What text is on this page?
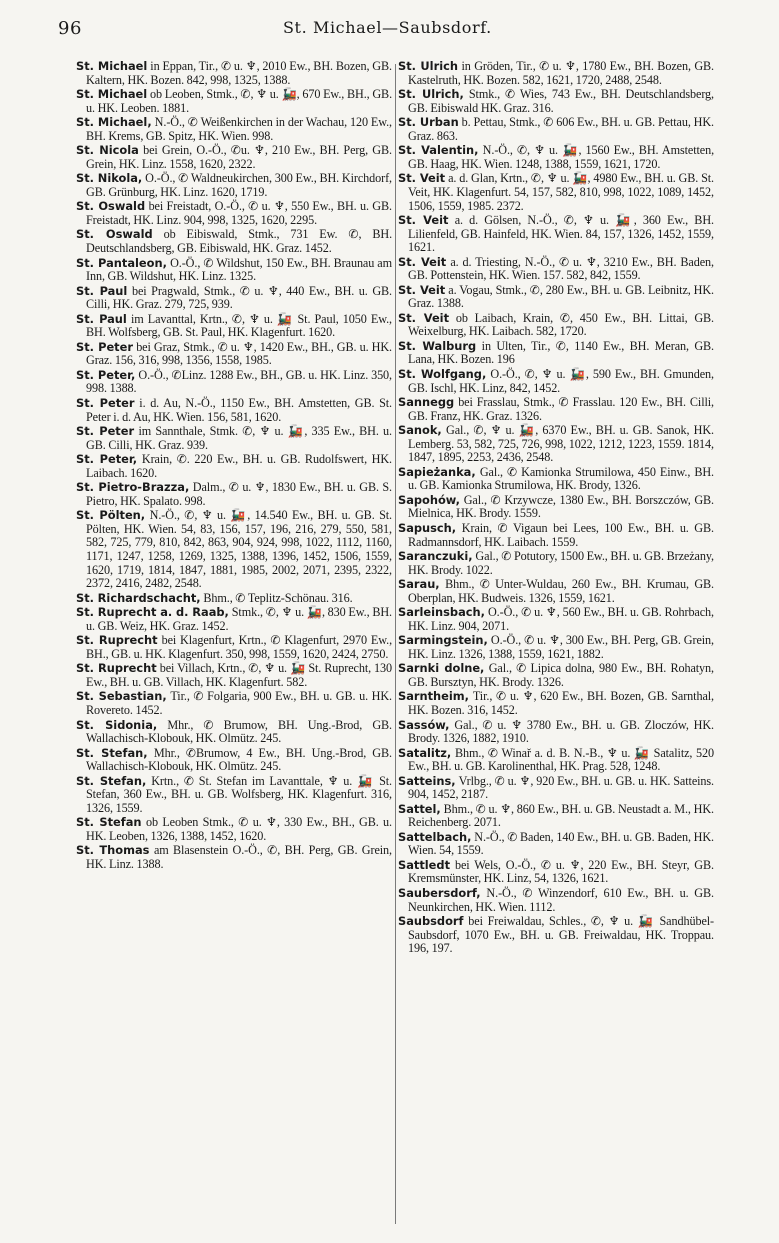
96	St. Michael—Saubsdorf.

St. Michael in Eppan, Tir., ✆ u. ♆, 2010 Ew., BH. Bozen, GB. Kaltern, HK. Bozen. 842, 998, 1325, 1388.

St. Michael ob Leoben, Stmk., ✆, ♆ u. 🚂, 670 Ew., BH., GB. u. HK. Leoben. 1881.

St. Michael, N.-Ö., ✆ Weißenkirchen in der Wachau, 120 Ew., BH. Krems, GB. Spitz, HK. Wien. 998.

St. Nicola bei Grein, O.-Ö., ✆u. ♆, 210 Ew., BH. Perg, GB. Grein, HK. Linz. 1558, 1620, 2322.

St. Nikola, O.-Ö., ✆ Waldneukirchen, 300 Ew., BH. Kirchdorf, GB. Grünburg, HK. Linz. 1620, 1719.

St. Oswald bei Freistadt, O.-Ö., ✆ u. ♆, 550 Ew., BH. u. GB. Freistadt, HK. Linz. 904, 998, 1325, 1620, 2295.

St. Oswald ob Eibiswald, Stmk., 731 Ew. ✆, BH. Deutschlandsberg, GB. Eibiswald, HK. Graz. 1452.

St. Pantaleon, O.-Ö., ✆ Wildshut, 150 Ew., BH. Braunau am Inn, GB. Wildshut, HK. Linz. 1325.

St. Paul bei Pragwald, Stmk., ✆ u. ♆, 440 Ew., BH. u. GB. Cilli, HK. Graz. 279, 725, 939.

St. Paul im Lavanttal, Krtn., ✆, ♆ u. 🚂 St. Paul, 1050 Ew., BH. Wolfsberg, GB. St. Paul, HK. Klagenfurt. 1620.

St. Peter bei Graz, Stmk., ✆ u. ♆, 1420 Ew., BH., GB. u. HK. Graz. 156, 316, 998, 1356, 1558, 1985.

St. Peter, O.-Ö., ✆Linz. 1288 Ew., BH., GB. u. HK. Linz. 350, 998. 1388.

St. Peter i. d. Au, N.-Ö., 1150 Ew., BH. Amstetten, GB. St. Peter i. d. Au, HK. Wien. 156, 581, 1620.

St. Peter im Sannthale, Stmk. ✆, ♆ u. 🚂, 335 Ew., BH. u. GB. Cilli, HK. Graz. 939.

St. Peter, Krain, ✆. 220 Ew., BH. u. GB. Rudolfswert, HK. Laibach. 1620.

St. Pietro-Brazza, Dalm., ✆ u. ♆, 1830 Ew., BH. u. GB. S. Pietro, HK. Spalato. 998.

St. Pölten, N.-Ö., ✆, ♆ u. 🚂, 14.540 Ew., BH. u. GB. St. Pölten, HK. Wien. 54, 83, 156, 157, 196, 216, 279, 550, 581, 582, 725, 779, 810, 842, 863, 904, 924, 998, 1022, 1112, 1160, 1171, 1247, 1258, 1269, 1325, 1388, 1396, 1452, 1506, 1559, 1620, 1719, 1814, 1847, 1881, 1985, 2002, 2071, 2395, 2322, 2372, 2416, 2482, 2548.

St. Richardschacht, Bhm., ✆ Teplitz-Schönau. 316.

St. Ruprecht a. d. Raab, Stmk., ✆, ♆ u. 🚂, 830 Ew., BH. u. GB. Weiz, HK. Graz. 1452.

St. Ruprecht bei Klagenfurt, Krtn., ✆ Klagenfurt, 2970 Ew., BH., GB. u. HK. Klagenfurt. 350, 998, 1559, 1620, 2424, 2750.

St. Ruprecht bei Villach, Krtn., ✆, ♆ u. 🚂 St. Ruprecht, 130 Ew., BH. u. GB. Villach, HK. Klagenfurt. 582.

St. Sebastian, Tir., ✆ Folgaria, 900 Ew., BH. u. GB. u. HK. Rovereto. 1452.

St. Sidonia, Mhr., ✆ Brumow, BH. Ung.-Brod, GB. Wallachisch-Klobouk, HK. Olmütz. 245.

St. Stefan, Mhr., ✆Brumow, 4 Ew., BH. Ung.-Brod, GB. Wallachisch-Klobouk, HK. Olmütz. 245.

St. Stefan, Krtn., ✆ St. Stefan im Lavanttale, ♆ u. 🚂 St. Stefan, 360 Ew., BH. u. GB. Wolfsberg, HK. Klagenfurt. 316, 1326, 1559.

St. Stefan ob Leoben Stmk., ✆ u. ♆, 330 Ew., BH., GB. u. HK. Leoben, 1326, 1388, 1452, 1620.

St. Thomas am Blasenstein O.-Ö., ✆, BH. Perg, GB. Grein, HK. Linz. 1388.

St. Ulrich in Gröden, Tir., ✆ u. ♆, 1780 Ew., BH. Bozen, GB. Kastelruth, HK. Bozen. 582, 1621, 1720, 2488, 2548.

St. Ulrich, Stmk., ✆ Wies, 743 Ew., BH. Deutschlandsberg, GB. Eibiswald HK. Graz. 316.

St. Urban b. Pettau, Stmk., ✆ 606 Ew., BH. u. GB. Pettau, HK. Graz. 863.

St. Valentin, N.-Ö., ✆, ♆ u. 🚂, 1560 Ew., BH. Amstetten, GB. Haag, HK. Wien. 1248, 1388, 1559, 1621, 1720.

St. Veit a. d. Glan, Krtn., ✆, ♆ u. 🚂, 4980 Ew., BH. u. GB. St. Veit, HK. Klagenfurt. 54, 157, 582, 810, 998, 1022, 1089, 1452, 1506, 1559, 1985. 2372.

St. Veit a. d. Gölsen, N.-Ö., ✆, ♆ u. 🚂, 360 Ew., BH. Lilienfeld, GB. Hainfeld, HK. Wien. 84, 157, 1326, 1452, 1559, 1621.

St. Veit a. d. Triesting, N.-Ö., ✆ u. ♆, 3210 Ew., BH. Baden, GB. Pottenstein, HK. Wien. 157. 582, 842, 1559.

St. Veit a. Vogau, Stmk., ✆, 280 Ew., BH. u. GB. Leibnitz, HK. Graz. 1388.

St. Veit ob Laibach, Krain, ✆, 450 Ew., BH. Littai, GB. Weixelburg, HK. Laibach. 582, 1720.

St. Walburg in Ulten, Tir., ✆, 1140 Ew., BH. Meran, GB. Lana, HK. Bozen. 196

St. Wolfgang, O.-Ö., ✆, ♆ u. 🚂, 590 Ew., BH. Gmunden, GB. Ischl, HK. Linz, 842, 1452.

Sannegg bei Frasslau, Stmk., ✆ Frasslau. 120 Ew., BH. Cilli, GB. Franz, HK. Graz. 1326.

Sanok, Gal., ✆, ♆ u. 🚂, 6370 Ew., BH. u. GB. Sanok, HK. Lemberg. 53, 582, 725, 726, 998, 1022, 1212, 1223, 1559. 1814, 1847, 1895, 2253, 2436, 2548.

Sapieżanka, Gal., ✆ Kamionka Strumilowa, 450 Einw., BH. u. GB. Kamionka Strumilowa, HK. Brody, 1326.

Sapohów, Gal., ✆ Krzywcze, 1380 Ew., BH. Borszczów, GB. Mielnica, HK. Brody. 1559.

Sapusch, Krain, ✆ Vigaun bei Lees, 100 Ew., BH. u. GB. Radmannsdorf, HK. Laibach. 1559.

Saranczuki, Gal., ✆ Potutory, 1500 Ew., BH. u. GB. Brzeżany, HK. Brody. 1022.

Sarau, Bhm., ✆ Unter-Wuldau, 260 Ew., BH. Krumau, GB. Oberplan, HK. Budweis. 1326, 1559, 1621.

Sarleinsbach, O.-Ö., ✆ u. ♆, 560 Ew., BH. u. GB. Rohrbach, HK. Linz. 904, 2071.

Sarmingstein, O.-Ö., ✆ u. ♆, 300 Ew., BH. Perg, GB. Grein, HK. Linz. 1326, 1388, 1559, 1621, 1882.

Sarnki dolne, Gal., ✆ Lipica dolna, 980 Ew., BH. Rohatyn, GB. Bursztyn, HK. Brody. 1326.

Sarntheim, Tir., ✆ u. ♆, 620 Ew., BH. Bozen, GB. Sarnthal, HK. Bozen. 316, 1452.

Sassów, Gal., ✆ u. ♆ 3780 Ew., BH. u. GB. Zloczów, HK. Brody. 1326, 1882, 1910.

Satalitz, Bhm., ✆ Winař a. d. B. N.-B., ♆ u. 🚂 Satalitz, 520 Ew., BH. u. GB. Karolinenthal, HK. Prag. 528, 1248.

Satteins, Vrlbg., ✆ u. ♆, 920 Ew., BH. u. GB. u. HK. Satteins. 904, 1452, 2187.

Sattel, Bhm., ✆ u. ♆, 860 Ew., BH. u. GB. Neustadt a. M., HK. Reichenberg. 2071.

Sattelbach, N.-Ö., ✆ Baden, 140 Ew., BH. u. GB. Baden, HK. Wien. 54, 1559.

Sattledt bei Wels, O.-Ö., ✆ u. ♆, 220 Ew., BH. Steyr, GB. Kremsmünster, HK. Linz, 54, 1326, 1621.

Saubersdorf, N.-Ö., ✆ Winzendorf, 610 Ew., BH. u. GB. Neunkirchen, HK. Wien. 1112.

Saubsdorf bei Freiwaldau, Schles., ✆, ♆ u. 🚂 Sandhübel-Saubsdorf, 1070 Ew., BH. u. GB. Freiwaldau, HK. Troppau. 196, 197.
